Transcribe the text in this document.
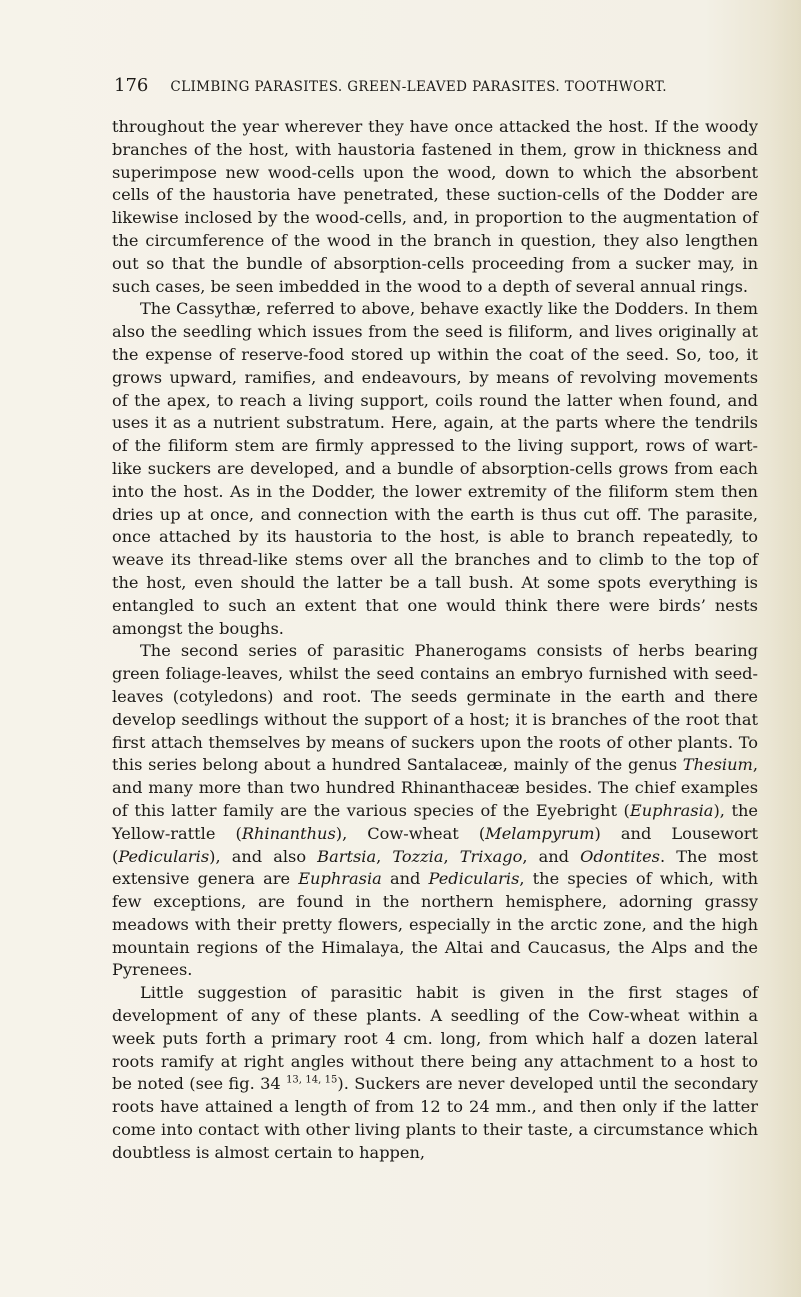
176 CLIMBING PARASITES. GREEN-LEAVED PARASITES. TOOTHWORT.

throughout the year wherever they have once attacked the host. If the woody branches of the host, with haustoria fastened in them, grow in thickness and superimpose new wood-cells upon the wood, down to which the absorbent cells of the haustoria have penetrated, these suction-cells of the Dodder are likewise inclosed by the wood-cells, and, in proportion to the augmentation of the circumference of the wood in the branch in question, they also lengthen out so that the bundle of absorption-cells proceeding from a sucker may, in such cases, be seen imbedded in the wood to a depth of several annual rings.

The Cassythæ, referred to above, behave exactly like the Dodders. In them also the seedling which issues from the seed is filiform, and lives originally at the expense of reserve-food stored up within the coat of the seed. So, too, it grows upward, ramifies, and endeavours, by means of revolving movements of the apex, to reach a living support, coils round the latter when found, and uses it as a nutrient substratum. Here, again, at the parts where the tendrils of the filiform stem are firmly appressed to the living support, rows of wart-like suckers are developed, and a bundle of absorption-cells grows from each into the host. As in the Dodder, the lower extremity of the filiform stem then dries up at once, and connection with the earth is thus cut off. The parasite, once attached by its haustoria to the host, is able to branch repeatedly, to weave its thread-like stems over all the branches and to climb to the top of the host, even should the latter be a tall bush. At some spots everything is entangled to such an extent that one would think there were birds’ nests amongst the boughs.

The second series of parasitic Phanerogams consists of herbs bearing green foliage-leaves, whilst the seed contains an embryo furnished with seed-leaves (cotyledons) and root. The seeds germinate in the earth and there develop seedlings without the support of a host; it is branches of the root that first attach themselves by means of suckers upon the roots of other plants. To this series belong about a hundred Santalaceæ, mainly of the genus Thesium, and many more than two hundred Rhinanthaceæ besides. The chief examples of this latter family are the various species of the Eyebright (Euphrasia), the Yellow-rattle (Rhinanthus), Cow-wheat (Melampyrum) and Lousewort (Pedicularis), and also Bartsia, Tozzia, Trixago, and Odontites. The most extensive genera are Euphrasia and Pedicularis, the species of which, with few exceptions, are found in the northern hemisphere, adorning grassy meadows with their pretty flowers, especially in the arctic zone, and the high mountain regions of the Himalaya, the Altai and Caucasus, the Alps and the Pyrenees.

Little suggestion of parasitic habit is given in the first stages of development of any of these plants. A seedling of the Cow-wheat within a week puts forth a primary root 4 cm. long, from which half a dozen lateral roots ramify at right angles without there being any attachment to a host to be noted (see fig. 34 $^{13, 14, 15}$). Suckers are never developed until the secondary roots have attained a length of from 12 to 24 mm., and then only if the latter come into contact with other living plants to their taste, a circumstance which doubtless is almost certain to happen,
